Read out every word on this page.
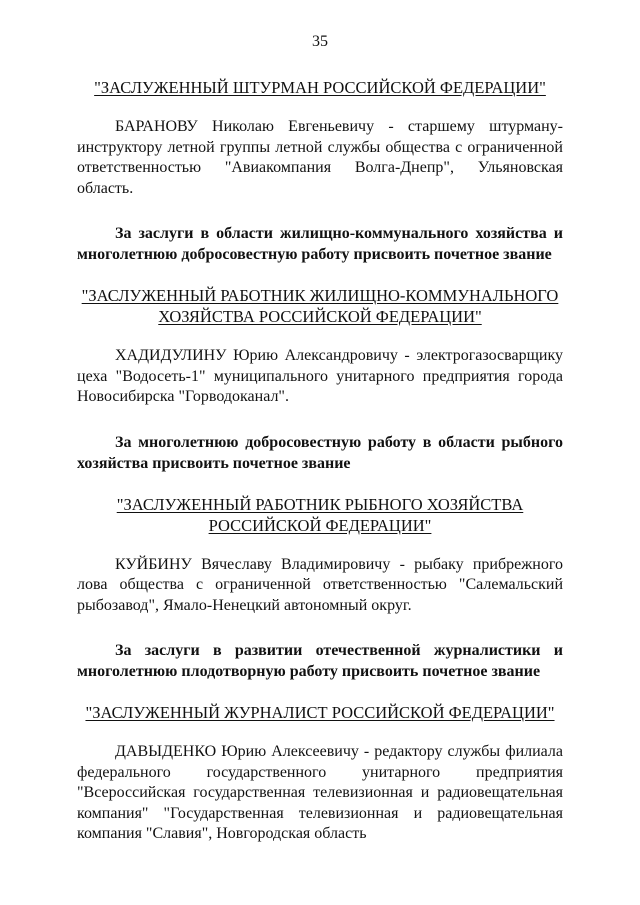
35

"ЗАСЛУЖЕННЫЙ ШТУРМАН РОССИЙСКОЙ ФЕДЕРАЦИИ"

БАРАНОВУ Николаю Евгеньевичу - старшему штурману-инструктору летной группы летной службы общества с ограниченной ответственностью "Авиакомпания Волга-Днепр", Ульяновская область.

За заслуги в области жилищно-коммунального хозяйства и многолетнюю добросовестную работу присвоить почетное звание

"ЗАСЛУЖЕННЫЙ РАБОТНИК ЖИЛИЩНО-КОММУНАЛЬНОГО

ХОЗЯЙСТВА РОССИЙСКОЙ ФЕДЕРАЦИИ"

ХАДИДУЛИНУ Юрию Александровичу - электрогазосварщику цеха "Водосеть-1" муниципального унитарного предприятия города Новосибирска "Горводоканал".

За многолетнюю добросовестную работу в области рыбного хозяйства присвоить почетное звание

"ЗАСЛУЖЕННЫЙ РАБОТНИК РЫБНОГО ХОЗЯЙСТВА

РОССИЙСКОЙ ФЕДЕРАЦИИ"

КУЙБИНУ Вячеславу Владимировичу - рыбаку прибрежного лова общества с ограниченной ответственностью "Салемальский рыбозавод", Ямало-Ненецкий автономный округ.

За заслуги в развитии отечественной журналистики и многолетнюю плодотворную работу присвоить почетное звание

"ЗАСЛУЖЕННЫЙ ЖУРНАЛИСТ РОССИЙСКОЙ ФЕДЕРАЦИИ"

ДАВЫДЕНКО Юрию Алексеевичу - редактору службы филиала федерального государственного унитарного предприятия "Всероссийская государственная телевизионная и радиовещательная компания" "Государственная телевизионная и радиовещательная компания "Славия", Новгородская область
